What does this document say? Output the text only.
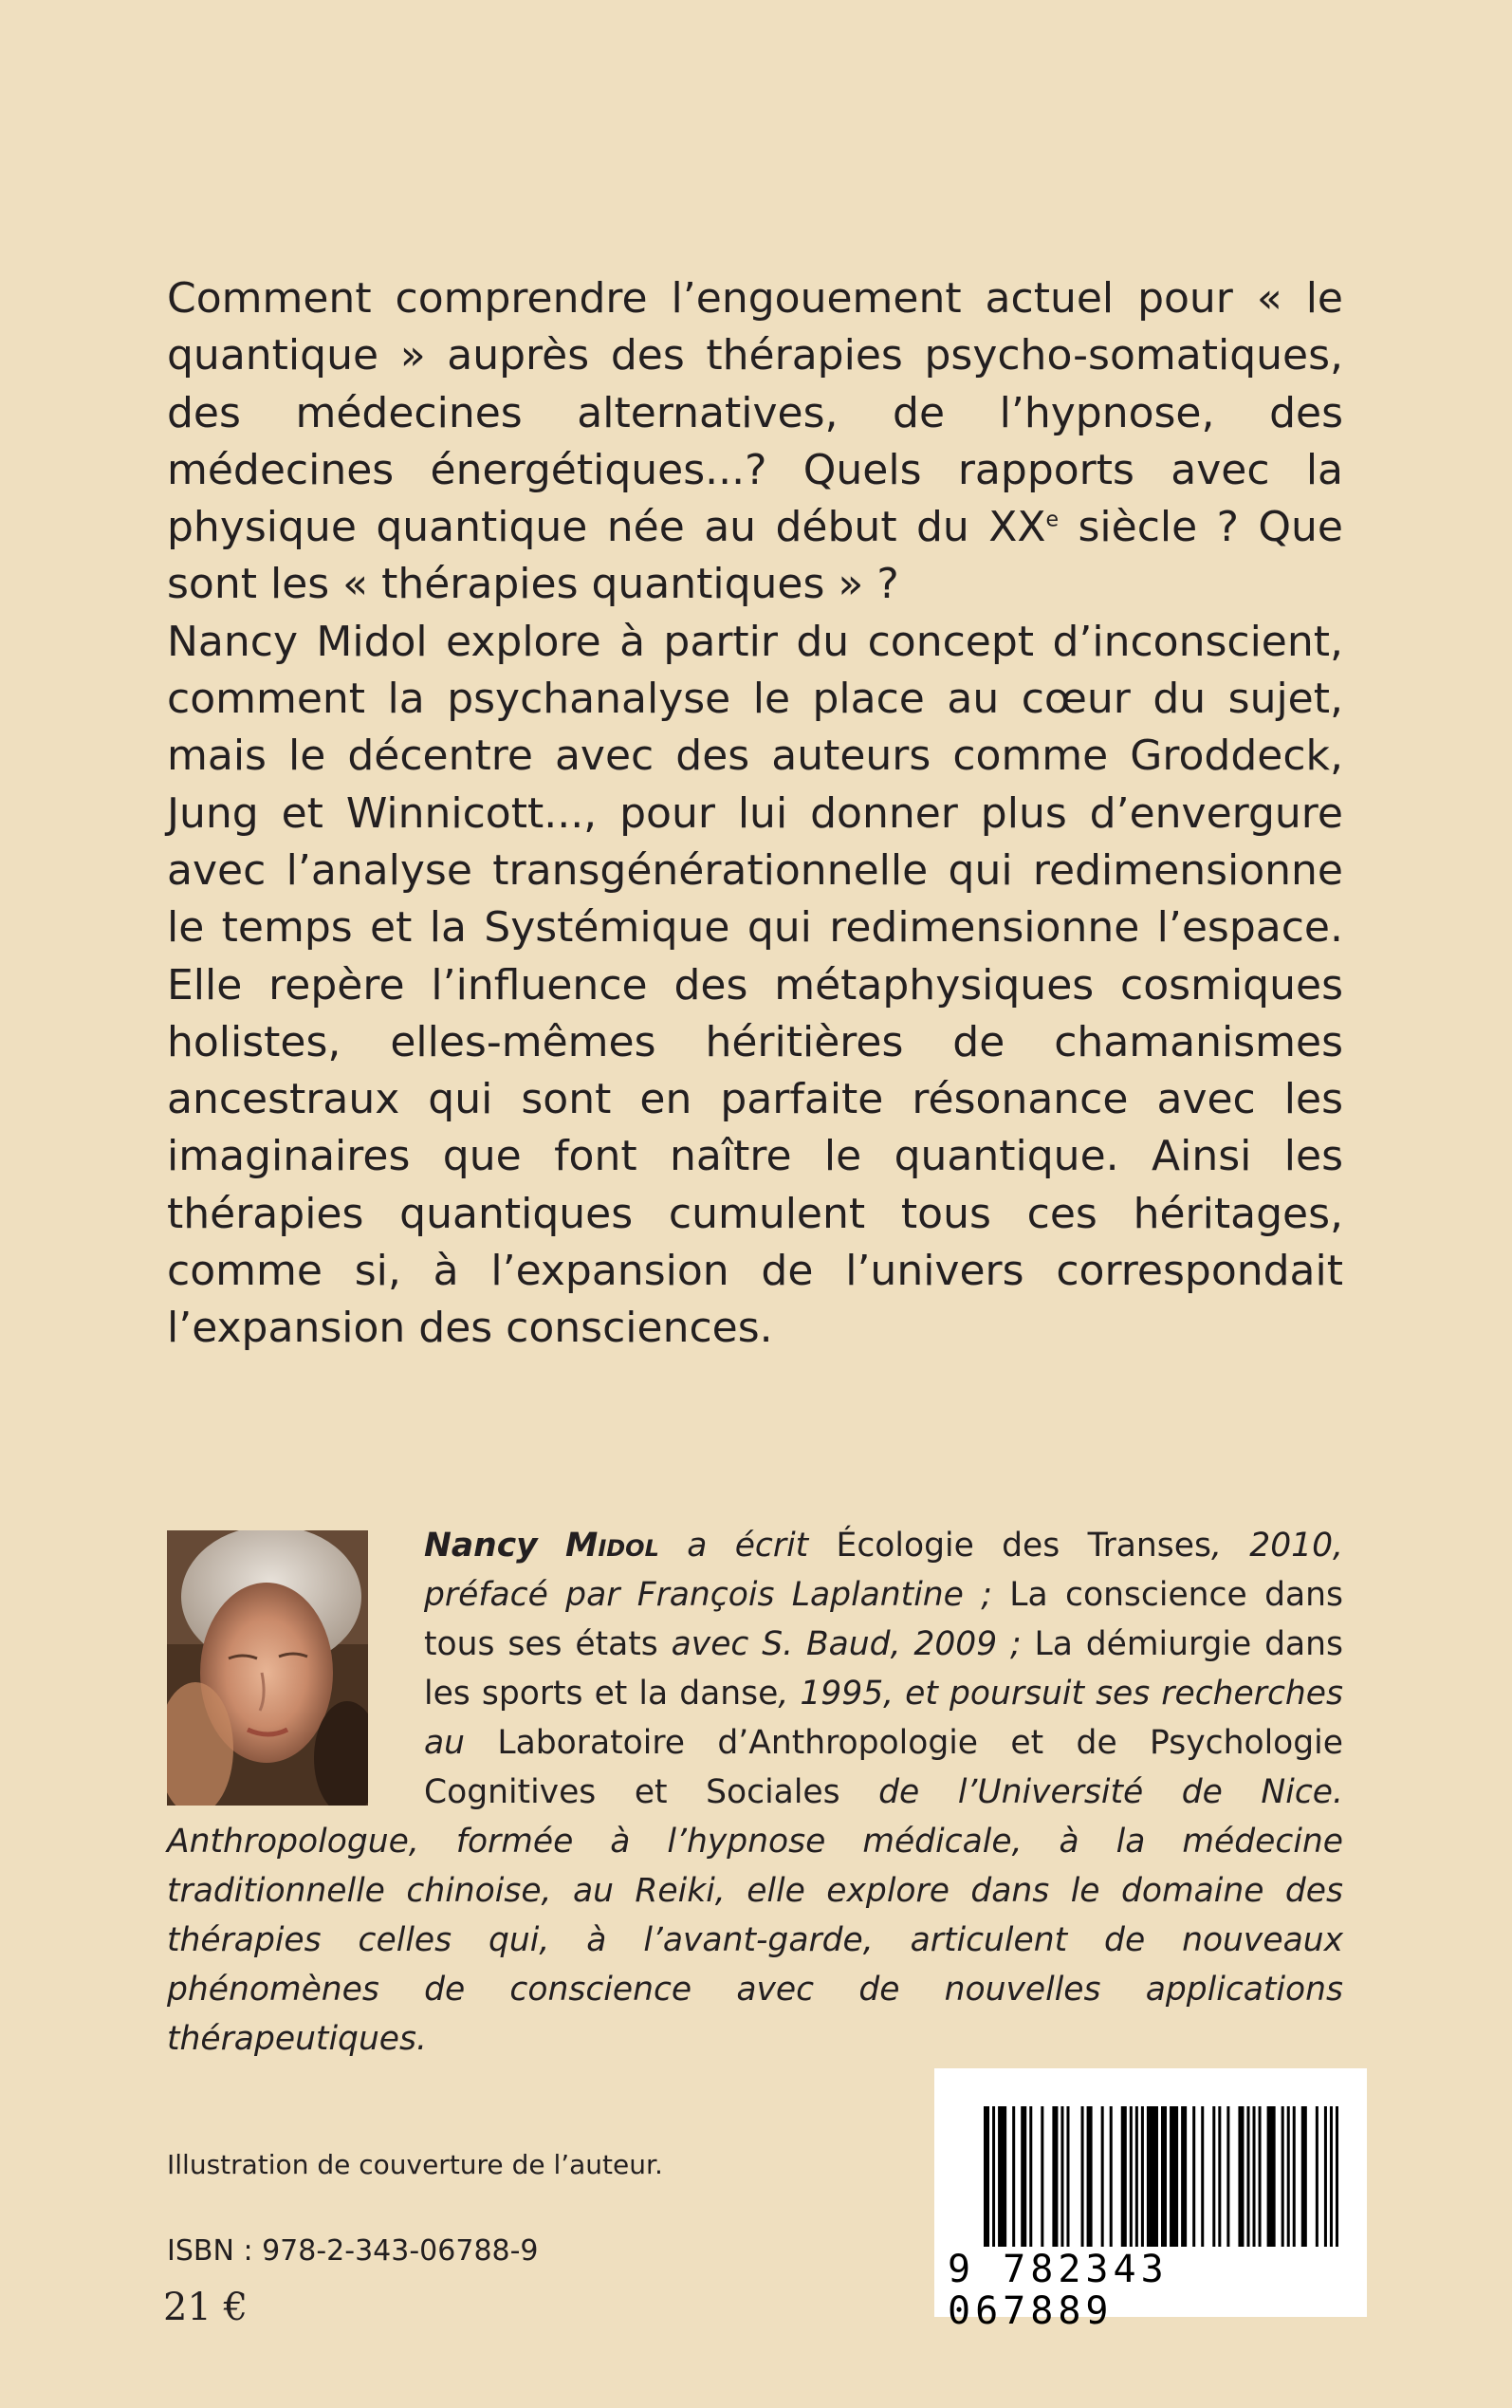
Comment comprendre l’engouement actuel pour « le quantique » auprès des thérapies psycho-somatiques, des médecines alternatives, de l’hypnose, des médecines énergétiques...? Quels rapports avec la physique quantique née au début du XXe siècle ? Que sont les « thérapies quantiques » ?

Nancy Midol explore à partir du concept d’inconscient, comment la psychanalyse le place au cœur du sujet, mais le décentre avec des auteurs comme Groddeck, Jung et Winnicott..., pour lui donner plus d’envergure avec l’analyse transgénérationnelle qui redimensionne le temps et la Systémique qui redimensionne l’espace. Elle repère l’influence des métaphysiques cosmiques holistes, elles-mêmes héritières de chamanismes ancestraux qui sont en parfaite résonance avec les imaginaires que font naître le quantique. Ainsi les thérapies quantiques cumulent tous ces héritages, comme si, à l’expansion de l’univers correspondait l’expansion des consciences.

Nancy Midol a écrit Écologie des Transes, 2010, préfacé par François Laplantine ; La conscience dans tous ses états avec S. Baud, 2009 ; La démiurgie dans les sports et la danse, 1995, et poursuit ses recherches au Laboratoire d’Anthropologie et de Psychologie Cognitives et Sociales de l’Université de Nice. Anthropologue, formée à l’hypnose médicale, à la médecine traditionnelle chinoise, au Reiki, elle explore dans le domaine des thérapies celles qui, à l’avant-garde, articulent de nouveaux phénomènes de conscience avec de nouvelles applications thérapeutiques.
Illustration de couverture de l’auteur.
ISBN : 978-2-343-06788-9
21 €
9 782343 067889
